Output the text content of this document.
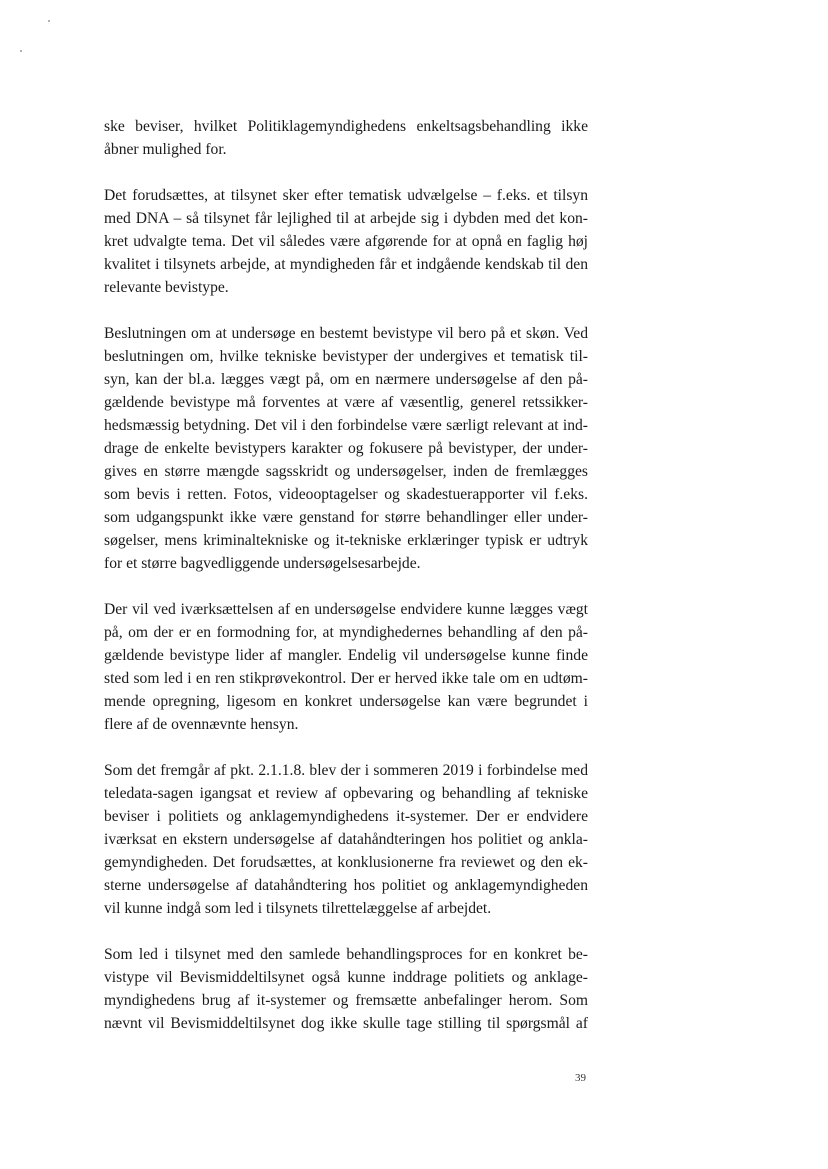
ske beviser, hvilket Politiklagemyndighedens enkeltsagsbehandling ikke
åbner mulighed for.
Det forudsættes, at tilsynet sker efter tematisk udvælgelse – f.eks. et tilsyn
med DNA – så tilsynet får lejlighed til at arbejde sig i dybden med det kon-
kret udvalgte tema. Det vil således være afgørende for at opnå en faglig høj
kvalitet i tilsynets arbejde, at myndigheden får et indgående kendskab til den
relevante bevistype.
Beslutningen om at undersøge en bestemt bevistype vil bero på et skøn. Ved
beslutningen om, hvilke tekniske bevistyper der undergives et tematisk til-
syn, kan der bl.a. lægges vægt på, om en nærmere undersøgelse af den på-
gældende bevistype må forventes at være af væsentlig, generel retssikker-
hedsmæssig betydning. Det vil i den forbindelse være særligt relevant at ind-
drage de enkelte bevistypers karakter og fokusere på bevistyper, der under-
gives en større mængde sagsskridt og undersøgelser, inden de fremlægges
som bevis i retten. Fotos, videooptagelser og skadestuerapporter vil f.eks.
som udgangspunkt ikke være genstand for større behandlinger eller under-
søgelser, mens kriminaltekniske og it-tekniske erklæringer typisk er udtryk
for et større bagvedliggende undersøgelsesarbejde.
Der vil ved iværksættelsen af en undersøgelse endvidere kunne lægges vægt
på, om der er en formodning for, at myndighedernes behandling af den på-
gældende bevistype lider af mangler. Endelig vil undersøgelse kunne finde
sted som led i en ren stikprøvekontrol. Der er herved ikke tale om en udtøm-
mende opregning, ligesom en konkret undersøgelse kan være begrundet i
flere af de ovennævnte hensyn.
Som det fremgår af pkt. 2.1.1.8. blev der i sommeren 2019 i forbindelse med
teledata-sagen igangsat et review af opbevaring og behandling af tekniske
beviser i politiets og anklagemyndighedens it-systemer. Der er endvidere
iværksat en ekstern undersøgelse af datahåndteringen hos politiet og ankla-
gemyndigheden. Det forudsættes, at konklusionerne fra reviewet og den ek-
sterne undersøgelse af datahåndtering hos politiet og anklagemyndigheden
vil kunne indgå som led i tilsynets tilrettelæggelse af arbejdet.
Som led i tilsynet med den samlede behandlingsproces for en konkret be-
vistype vil Bevismiddeltilsynet også kunne inddrage politiets og anklage-
myndighedens brug af it-systemer og fremsætte anbefalinger herom. Som
nævnt vil Bevismiddeltilsynet dog ikke skulle tage stilling til spørgsmål af
39
